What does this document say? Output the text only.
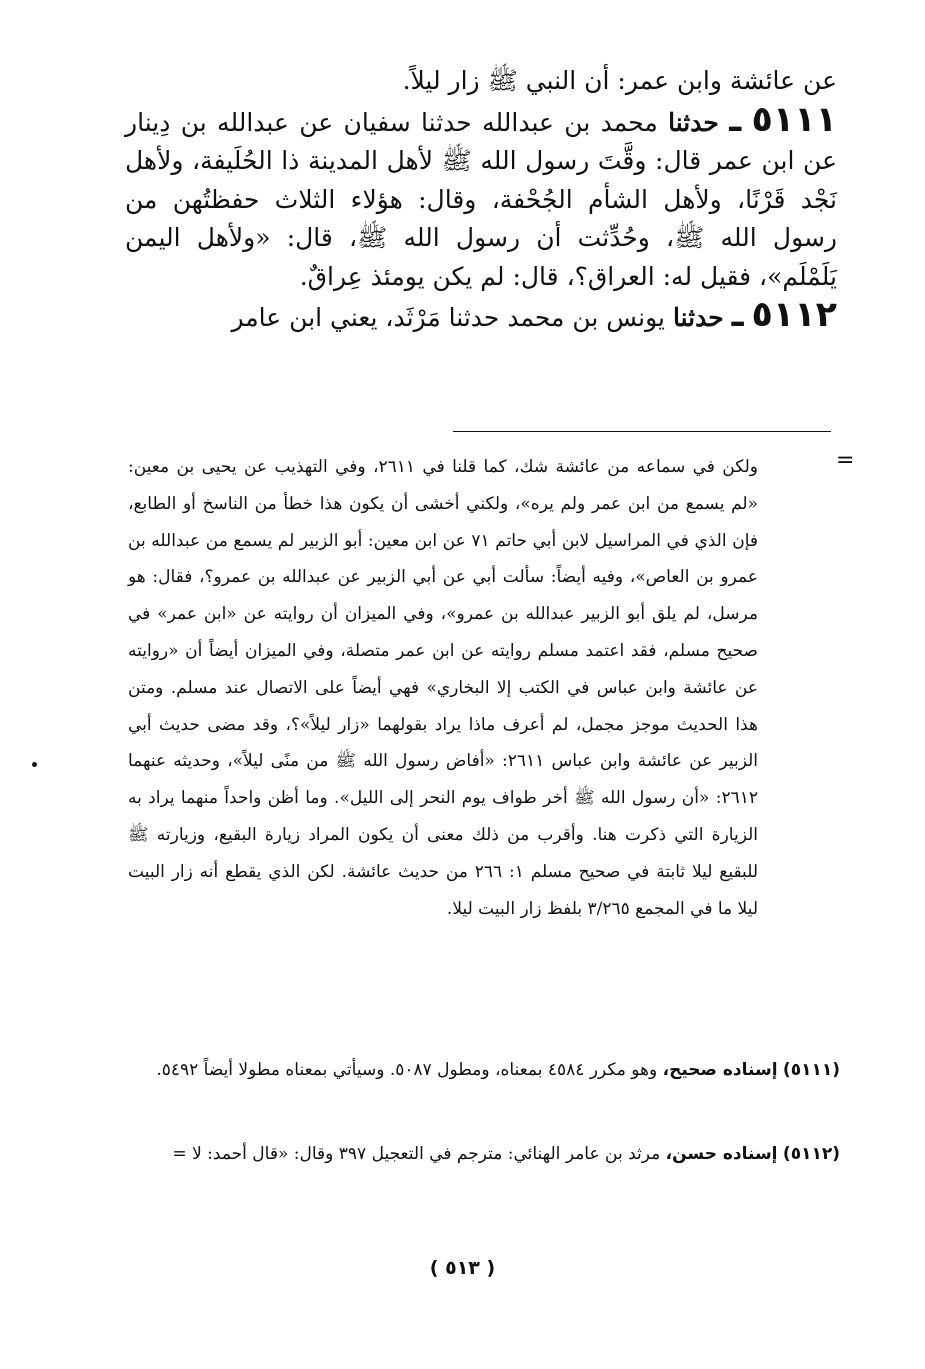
عن عائشة وابن عمر: أن النبي ﷺ زار ليلاً.

٥١١١ ـ حدثنا محمد بن عبدالله حدثنا سفيان عن عبدالله بن دِينار عن ابن عمر قال: وقَّتَ رسول الله ﷺ لأهل المدينة ذا الحُلَيفة، ولأهل نَجْد قَرْنًا، ولأهل الشأم الجُحْفة، وقال: هؤلاء الثلاث حفظتُهن من رسول الله ﷺ، وحُدِّثت أن رسول الله ﷺ، قال: «ولأهل اليمن يَلَمْلَم»، فقيل له: العراق؟، قال: لم يكن يومئذ عِراقٌ.

٥١١٢ ـ حدثنا يونس بن محمد حدثنا مَرْثَد، يعني ابن عامر

=
ولكن في سماعه من عائشة شك، كما قلنا في ٢٦١١، وفي التهذيب عن يحيى بن معين: «لم يسمع من ابن عمر ولم يره»، ولكني أخشى أن يكون هذا خطأ من الناسخ أو الطابع، فإن الذي في المراسيل لابن أبي حاتم ٧١ عن ابن معين: أبو الزبير لم يسمع من عبدالله بن عمرو بن العاص»، وفيه أيضاً: سألت أبي عن أبي الزبير عن عبدالله بن عمرو؟، فقال: هو مرسل، لم يلق أبو الزبير عبدالله بن عمرو»، وفي الميزان أن روايته عن «ابن عمر» في صحيح مسلم، فقد اعتمد مسلم روايته عن ابن عمر متصلة، وفي الميزان أيضاً أن «روايته عن عائشة وابن عباس في الكتب إلا البخاري» فهي أيضاً على الاتصال عند مسلم. ومتن هذا الحديث موجز مجمل، لم أعرف ماذا يراد بقولهما «زار ليلاً»؟، وقد مضى حديث أبي الزبير عن عائشة وابن عباس ٢٦١١: «أفاض رسول الله ﷺ من منًى ليلاً»، وحديثه عنهما ٢٦١٢: «أن رسول الله ﷺ أخر طواف يوم النحر إلى الليل». وما أظن واحداً منهما يراد به الزيارة التي ذكرت هنا. وأقرب من ذلك معنى أن يكون المراد زيارة البقيع، وزيارته ﷺ للبقيع ليلا ثابتة في صحيح مسلم ١: ٢٦٦ من حديث عائشة. لكن الذي يقطع أنه زار البيت ليلا ما في المجمع ٣/٢٦٥ بلفظ زار البيت ليلا.
(٥١١١) إسناده صحيح، وهو مكرر ٤٥٨٤ بمعناه، ومطول ٥٠٨٧. وسيأتي بمعناه مطولا أيضاً ٥٤٩٢.
(٥١١٢) إسناده حسن، مرثد بن عامر الهنائي: مترجم في التعجيل ٣٩٧ وقال: «قال أحمد: لا =
( ٥١٣ )
